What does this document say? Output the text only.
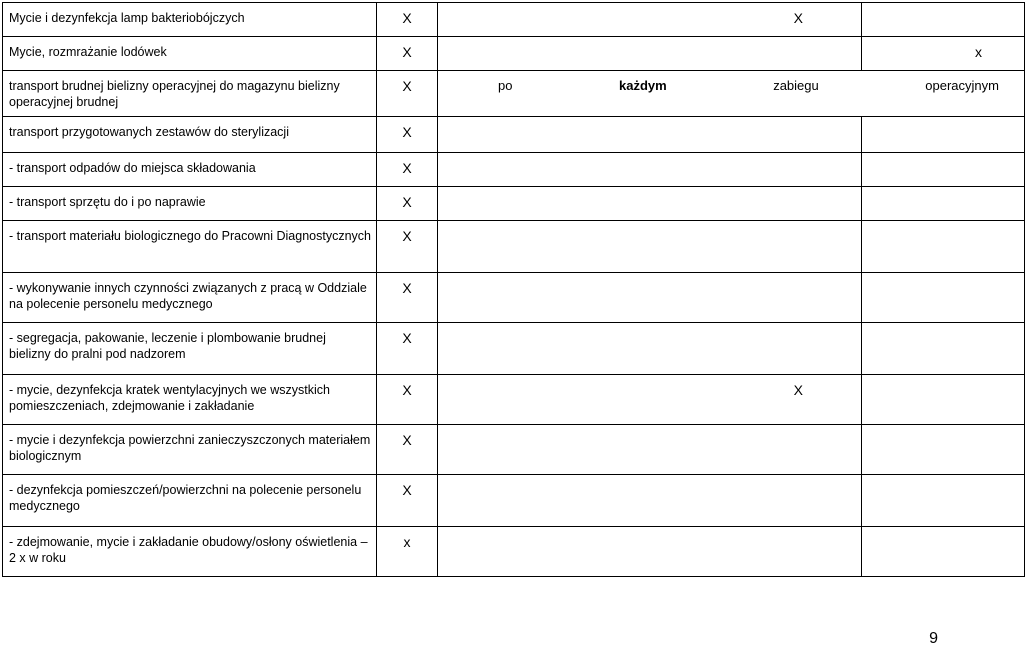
Mycie i dezynfekcja lamp bakteriobójczych	X	X	
Mycie, rozmrażanie lodówek	X		x
transport brudnej bielizny operacyjnej do magazynu bielizny operacyjnej brudnej	X	po każdym zabiegu operacyjnym	

transport przygotowanych zestawów do sterylizacji	X		
- transport odpadów do miejsca składowania	X		
- transport sprzętu do i po naprawie	X		
- transport materiału biologicznego do Pracowni Diagnostycznych	X		
- wykonywanie innych czynności związanych z pracą w Oddziale na polecenie personelu medycznego	X		
- segregacja, pakowanie, leczenie i plombowanie brudnej bielizny do pralni pod nadzorem	X		
- mycie, dezynfekcja kratek wentylacyjnych we wszystkich pomieszczeniach, zdejmowanie i zakładanie	X	X	
- mycie i dezynfekcja powierzchni zanieczyszczonych materiałem biologicznym	X		
- dezynfekcja pomieszczeń/powierzchni na polecenie personelu medycznego	X		
- zdejmowanie, mycie i zakładanie obudowy/osłony oświetlenia – 2 x w roku	x		
9
